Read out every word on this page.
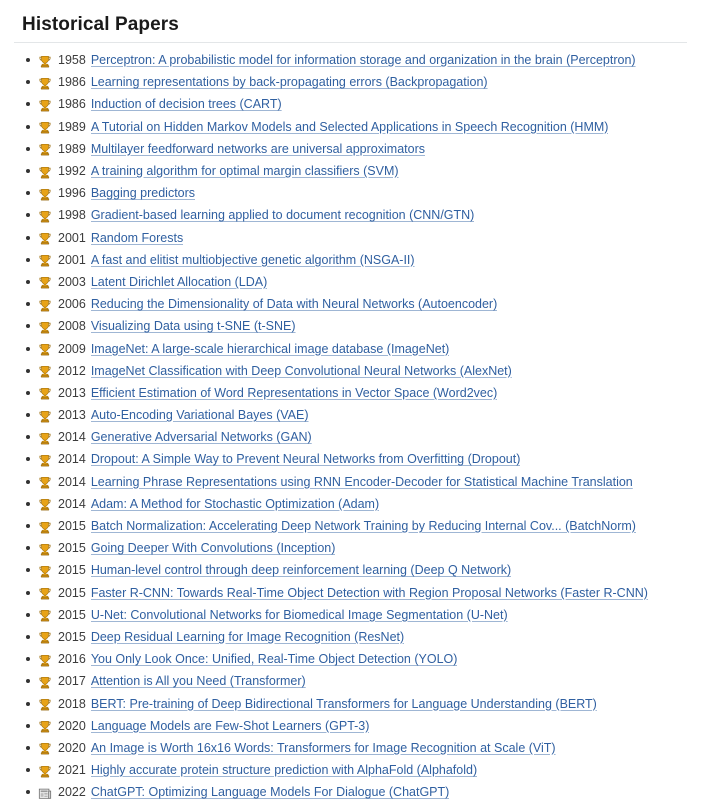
Historical Papers
1958 Perceptron: A probabilistic model for information storage and organization in the brain (Perceptron)
1986 Learning representations by back-propagating errors (Backpropagation)
1986 Induction of decision trees (CART)
1989 A Tutorial on Hidden Markov Models and Selected Applications in Speech Recognition (HMM)
1989 Multilayer feedforward networks are universal approximators
1992 A training algorithm for optimal margin classifiers (SVM)
1996 Bagging predictors
1998 Gradient-based learning applied to document recognition (CNN/GTN)
2001 Random Forests
2001 A fast and elitist multiobjective genetic algorithm (NSGA-II)
2003 Latent Dirichlet Allocation (LDA)
2006 Reducing the Dimensionality of Data with Neural Networks (Autoencoder)
2008 Visualizing Data using t-SNE (t-SNE)
2009 ImageNet: A large-scale hierarchical image database (ImageNet)
2012 ImageNet Classification with Deep Convolutional Neural Networks (AlexNet)
2013 Efficient Estimation of Word Representations in Vector Space (Word2vec)
2013 Auto-Encoding Variational Bayes (VAE)
2014 Generative Adversarial Networks (GAN)
2014 Dropout: A Simple Way to Prevent Neural Networks from Overfitting (Dropout)
2014 Learning Phrase Representations using RNN Encoder-Decoder for Statistical Machine Translation
2014 Adam: A Method for Stochastic Optimization (Adam)
2015 Batch Normalization: Accelerating Deep Network Training by Reducing Internal Cov... (BatchNorm)
2015 Going Deeper With Convolutions (Inception)
2015 Human-level control through deep reinforcement learning (Deep Q Network)
2015 Faster R-CNN: Towards Real-Time Object Detection with Region Proposal Networks (Faster R-CNN)
2015 U-Net: Convolutional Networks for Biomedical Image Segmentation (U-Net)
2015 Deep Residual Learning for Image Recognition (ResNet)
2016 You Only Look Once: Unified, Real-Time Object Detection (YOLO)
2017 Attention is All you Need (Transformer)
2018 BERT: Pre-training of Deep Bidirectional Transformers for Language Understanding (BERT)
2020 Language Models are Few-Shot Learners (GPT-3)
2020 An Image is Worth 16x16 Words: Transformers for Image Recognition at Scale (ViT)
2021 Highly accurate protein structure prediction with AlphaFold (Alphafold)
2022 ChatGPT: Optimizing Language Models For Dialogue (ChatGPT)
